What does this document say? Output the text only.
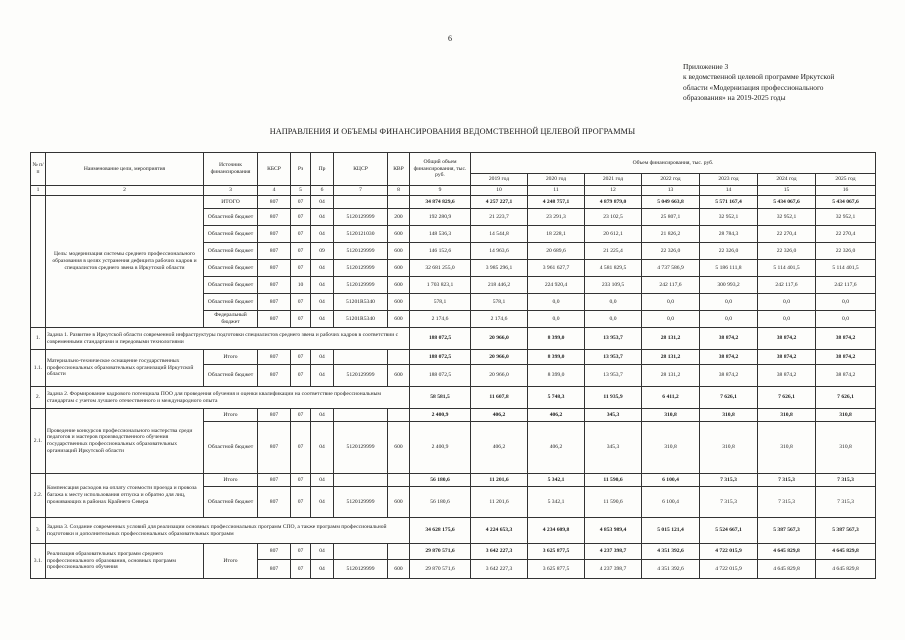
6
Приложение 3
к ведомственной целевой программе Иркутской
области «Модернизация профессионального
образования» на 2019-2025 годы
НАПРАВЛЕНИЯ И ОБЪЕМЫ ФИНАНСИРОВАНИЯ ВЕДОМСТВЕННОЙ ЦЕЛЕВОЙ ПРОГРАММЫ
№ п/п	Наименование цели, мероприятия	Источник финансирования	КБСР	Рз	Пр	КЦСР	КВР	Общий объем финансирования, тыс. руб.	Объем финансирования, тыс. руб.						
									2019 год	2020 год	2021 год	2022 год	2023 год	2024 год	2025 год
1	2	3	4	5	6	7	8	9	10	11	12	13	14	15	16
	Цель: модернизация системы среднего профессионального образования в целях устранения дефицита рабочих кадров и специалистов среднего звена в Иркутской области	ИТОГО	807	07	04			34 874 829,6	4 257 227,1	4 248 757,1	4 879 879,0	5 049 663,8	5 571 167,4	5 434 067,6	5 434 067,6
		Областной бюджет	807	07	04	5120129999	200	192 280,9	21 223,7	23 291,3	23 102,5	25 807,1	32 952,1	32 952,1	32 952,1
		Областной бюджет	807	07	04	5120121030	600	148 536,3	14 544,8	18 228,1	20 612,1	21 826,2	28 784,3	22 270,4	22 270,4
		Областной бюджет	807	07	09	5120129999	600	146 152,6	14 963,6	20 689,6	21 225,4	22 326,0	22 326,0	22 326,0	22 326,0
		Областной бюджет	807	07	04	5120129999	600	32 681 255,0	3 985 296,1	3 961 627,7	4 581 829,5	4 737 586,9	5 186 111,8	5 114 401,5	5 114 401,5
		Областной бюджет	807	10	04	5120129999	600	1 703 823,1	218 446,2	224 920,4	233 109,5	242 117,6	300 993,2	242 117,6	242 117,6
		Областной бюджет	807	07	04	51201R5340	600	578,1	578,1	0,0	0,0	0,0	0,0	0,0	0,0
		Федеральный бюджет	807	07	04	51201R5340	600	2 174,6	2 174,6	0,0	0,0	0,0	0,0	0,0	0,0
1.	Задача 1. Развитие в Иркутской области современной инфраструктуры подготовки специалистов среднего звена и рабочих кадров в соответствии с современными стандартами и передовыми технологиями							188 072,5	20 966,0	8 399,0	13 953,7	28 131,2	38 874,2	38 874,2	38 874,2
1.1.	Материально-техническое оснащение государственных профессиональных образовательных организаций Иркутской области	Итого	807	07	04			188 072,5	20 966,0	8 399,0	13 953,7	28 131,2	38 874,2	38 874,2	38 874,2
		Областной бюджет	807	07	04	5120129999	600	188 072,5	20 966,0	8 399,0	13 953,7	28 131,2	38 874,2	38 874,2	38 874,2
2.	Задача 2. Формирование кадрового потенциала ПОО для проведения обучения и оценки квалификации на соответствие профессиональным стандартам с учетом лучшего отечественного и международного опыта							58 581,5	11 607,8	5 748,3	11 935,9	6 411,2	7 626,1	7 626,1	7 626,1
2.1.	Проведение конкурсов профессионального мастерства среди педагогов и мастеров производственного обучения государственных профессиональных образовательных организаций Иркутской области	Итого	807	07	04			2 400,9	406,2	406,2	345,3	310,8	310,8	310,8	310,8
		Областной бюджет	807	07	04	5120129999	600	2 400,9	406,2	406,2	345,3	310,8	310,8	310,8	310,8
2.2.	Компенсация расходов на оплату стоимости проезда и провоза багажа к месту использования отпуска и обратно для лиц, проживающих в районах Крайнего Севера	Итого	807	07	04			56 180,6	11 201,6	5 342,1	11 590,6	6 100,4	7 315,3	7 315,3	7 315,3
		Областной бюджет	807	07	04	5120129999	600	56 180,6	11 201,6	5 342,1	11 590,6	6 100,4	7 315,3	7 315,3	7 315,3
3.	Задача 3. Создание современных условий для реализации основных профессиональных программ СПО, а также программ профессиональной подготовки и дополнительных профессиональных образовательных программ							34 628 175,6	4 224 653,3	4 234 609,8	4 853 989,4	5 015 121,4	5 524 667,1	5 387 567,3	5 387 567,3
3.1.	Реализация образовательных программ среднего профессионального образования, основных программ профессионального обучения	Итого	807	07	04			29 870 571,6	3 642 227,3	3 625 877,5	4 237 398,7	4 351 392,6	4 722 015,9	4 645 829,8	4 645 829,8
			807	07	04	5120129999	600	29 870 571,6	3 642 227,3	3 625 877,5	4 237 398,7	4 351 392,6	4 722 015,9	4 645 829,8	4 645 829,8
